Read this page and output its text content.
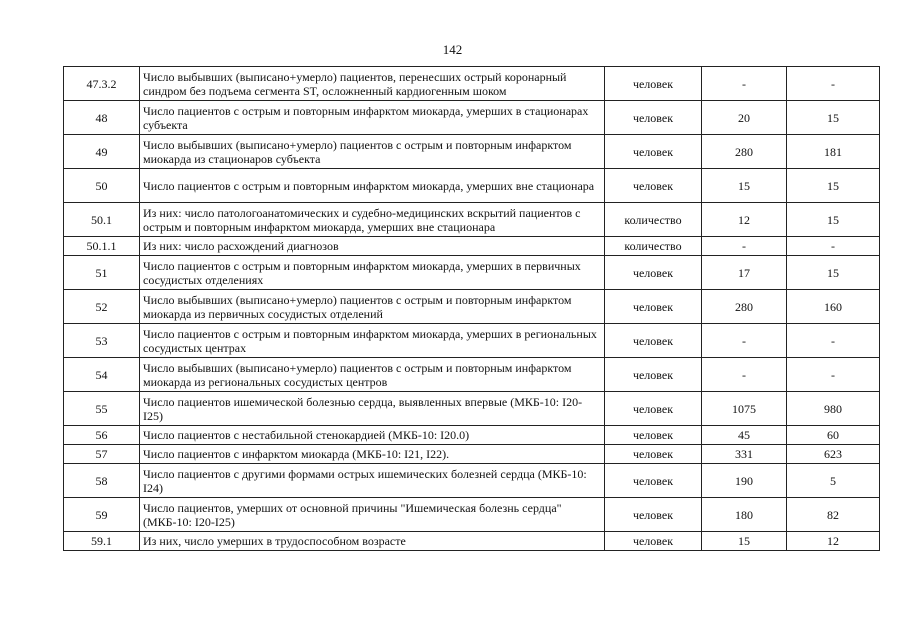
142
47.3.2	Число выбывших (выписано+умерло) пациентов, перенесших острый коронарный синдром без подъема сегмента ST, осложненный кардиогенным шоком	человек	-	-
48	Число пациентов с острым и повторным инфарктом миокарда, умерших в стационарах субъекта	человек	20	15
49	Число выбывших (выписано+умерло) пациентов с острым и повторным инфарктом миокарда из стационаров субъекта	человек	280	181
50	Число пациентов с острым и повторным инфарктом миокарда, умерших вне стационара	человек	15	15
50.1	Из них: число патологоанатомических и судебно-медицинских вскрытий пациентов с острым и повторным инфарктом миокарда, умерших вне стационара	количество	12	15
50.1.1	Из них: число расхождений диагнозов	количество	-	-
51	Число пациентов с острым и повторным инфарктом миокарда, умерших в первичных сосудистых отделениях	человек	17	15
52	Число выбывших (выписано+умерло) пациентов с острым и повторным инфарктом миокарда из первичных сосудистых отделений	человек	280	160
53	Число пациентов с острым и повторным инфарктом миокарда, умерших в региональных сосудистых центрах	человек	-	-
54	Число выбывших (выписано+умерло) пациентов с острым и повторным инфарктом миокарда из региональных сосудистых центров	человек	-	-
55	Число пациентов ишемической болезнью сердца, выявленных впервые (МКБ-10: I20-I25)	человек	1075	980
56	Число пациентов с нестабильной стенокардией (МКБ-10: I20.0)	человек	45	60
57	Число пациентов с инфарктом миокарда (МКБ-10: I21, I22).	человек	331	623
58	Число пациентов с другими формами острых ишемических болезней сердца (МКБ-10: I24)	человек	190	5
59	Число пациентов, умерших от основной причины "Ишемическая болезнь сердца" (МКБ-10: I20-I25)	человек	180	82
59.1	Из них, число умерших в трудоспособном возрасте	человек	15	12
